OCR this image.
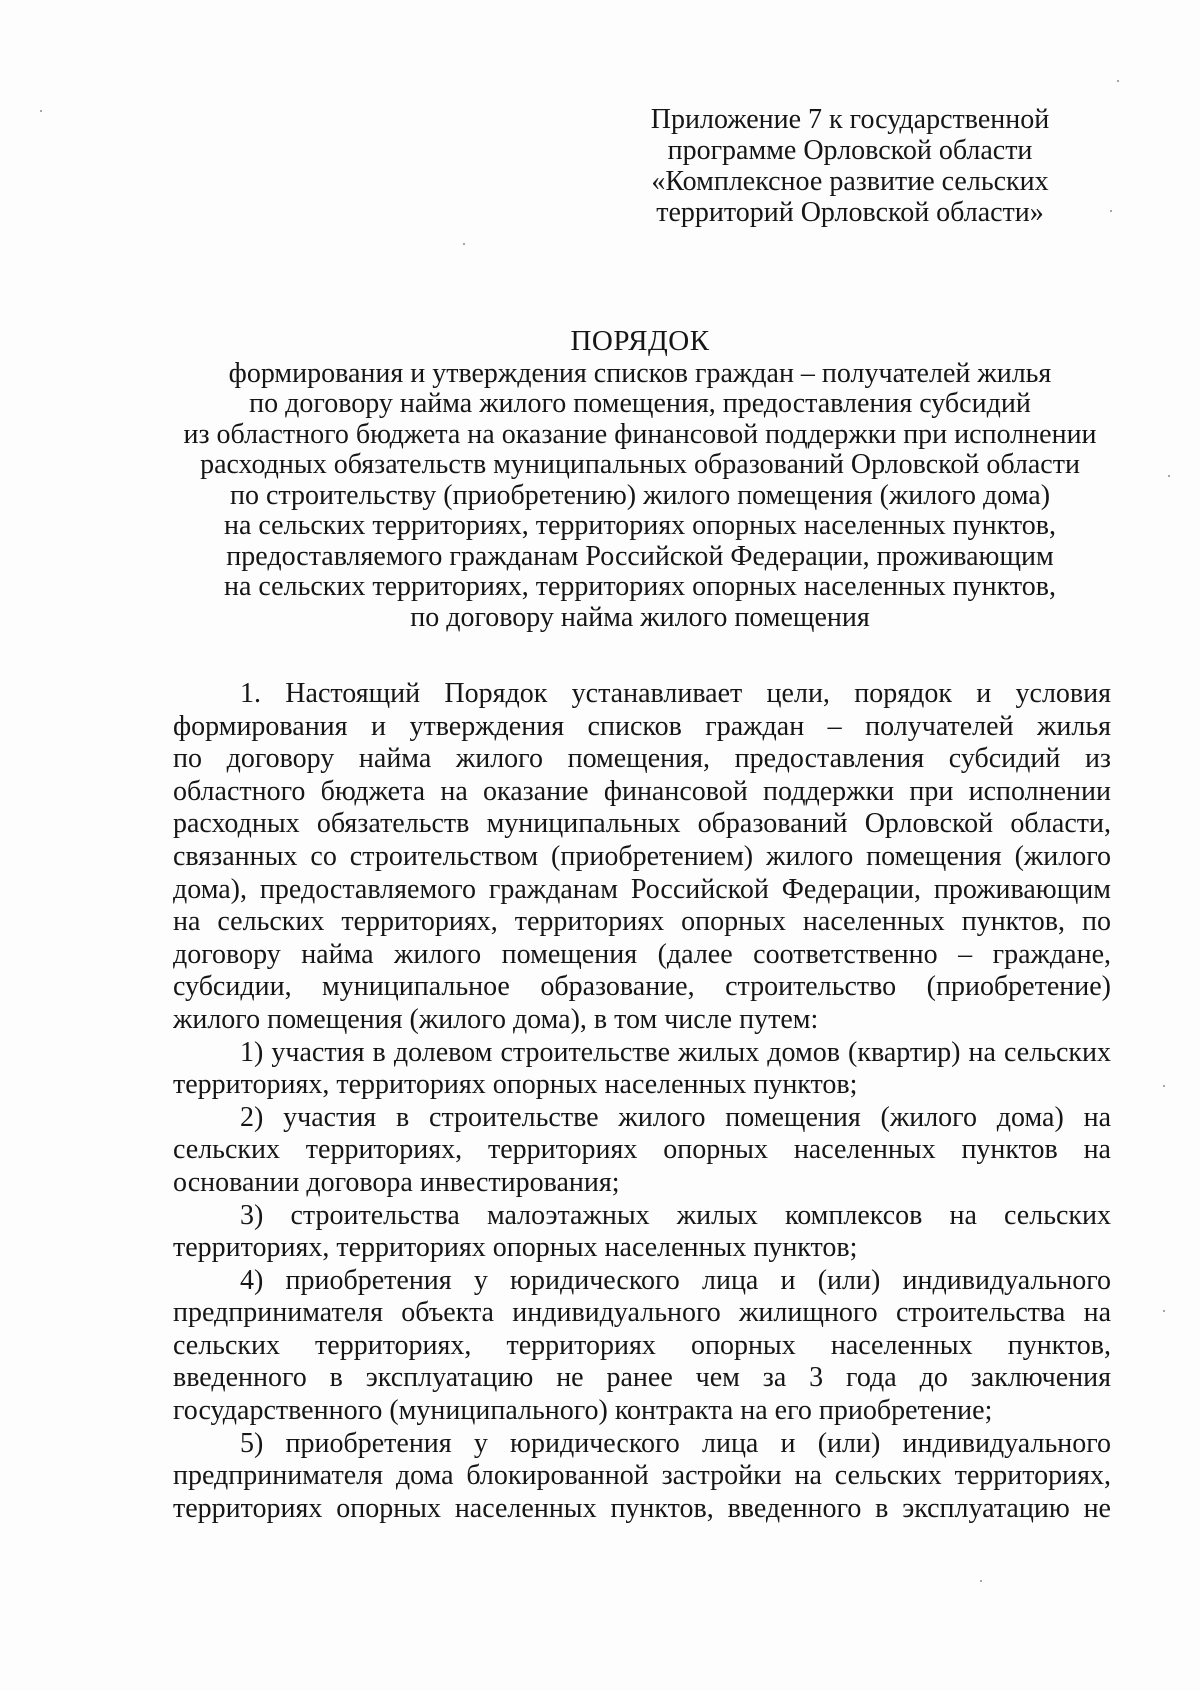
Приложение 7 к государственной
программе Орловской области
«Комплексное развитие сельских
территорий Орловской области»
ПОРЯДОК
формирования и утверждения списков граждан – получателей жилья
по договору найма жилого помещения, предоставления субсидий
из областного бюджета на оказание финансовой поддержки при исполнении
расходных обязательств муниципальных образований Орловской области
по строительству (приобретению) жилого помещения (жилого дома)
на сельских территориях, территориях опорных населенных пунктов,
предоставляемого гражданам Российской Федерации, проживающим
на сельских территориях, территориях опорных населенных пунктов,
по договору найма жилого помещения
1. Настоящий Порядок устанавливает цели, порядок и условия
формирования и утверждения списков граждан – получателей жилья
по договору найма жилого помещения, предоставления субсидий из
областного бюджета на оказание финансовой поддержки при исполнении
расходных обязательств муниципальных образований Орловской области,
связанных со строительством (приобретением) жилого помещения (жилого
дома), предоставляемого гражданам Российской Федерации, проживающим
на сельских территориях, территориях опорных населенных пунктов, по
договору найма жилого помещения (далее соответственно – граждане,
субсидии, муниципальное образование, строительство (приобретение)
жилого помещения (жилого дома), в том числе путем:
1) участия в долевом строительстве жилых домов (квартир) на сельских
территориях, территориях опорных населенных пунктов;
2) участия в строительстве жилого помещения (жилого дома) на
сельских территориях, территориях опорных населенных пунктов на
основании договора инвестирования;
3) строительства малоэтажных жилых комплексов на сельских
территориях, территориях опорных населенных пунктов;
4) приобретения у юридического лица и (или) индивидуального
предпринимателя объекта индивидуального жилищного строительства на
сельских территориях, территориях опорных населенных пунктов,
введенного в эксплуатацию не ранее чем за 3 года до заключения
государственного (муниципального) контракта на его приобретение;
5) приобретения у юридического лица и (или) индивидуального
предпринимателя дома блокированной застройки на сельских территориях,
территориях опорных населенных пунктов, введенного в эксплуатацию не
